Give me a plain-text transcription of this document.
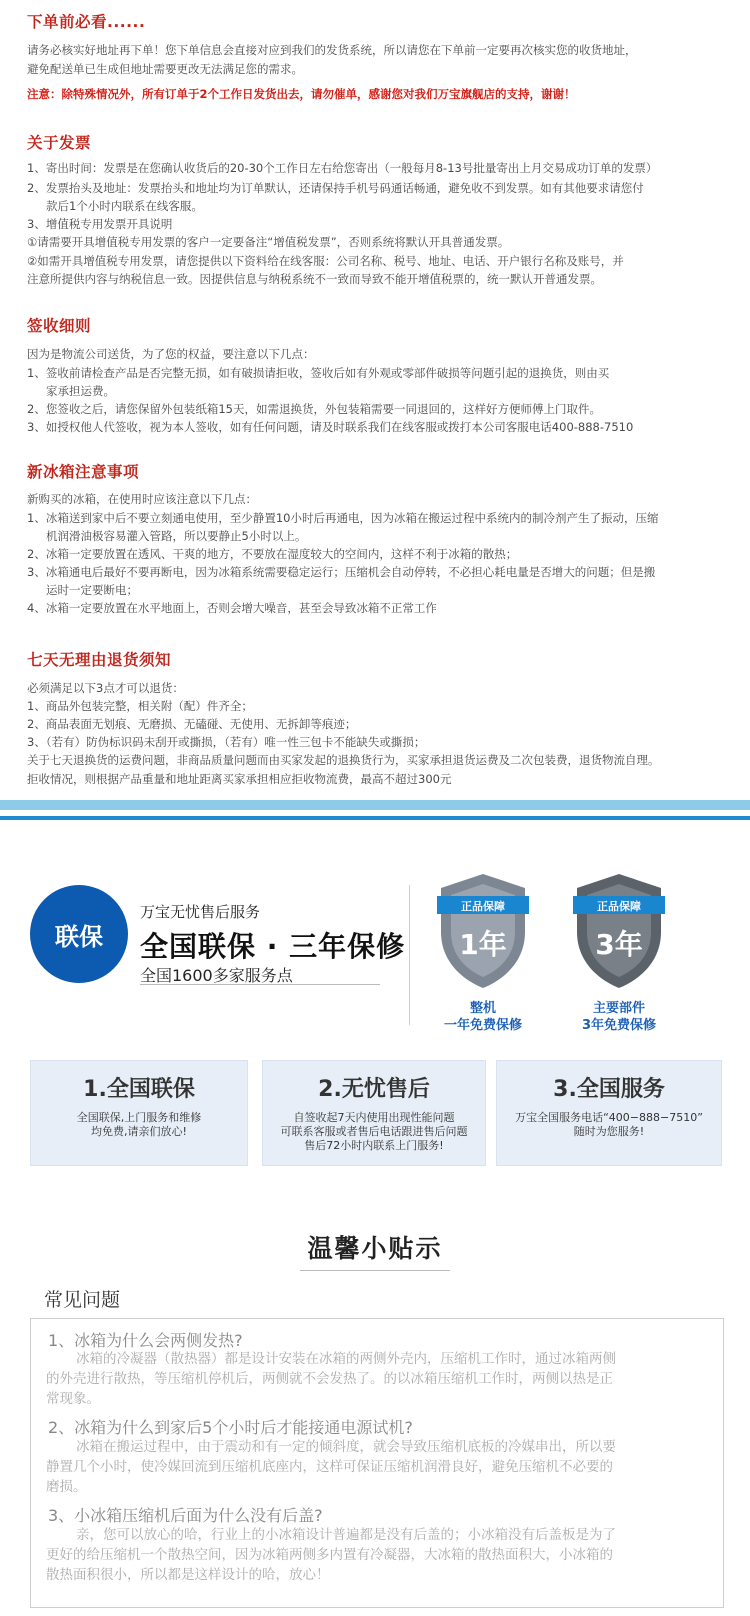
下单前必看......
请务必核实好地址再下单！您下单信息会直接对应到我们的发货系统，所以请您在下单前一定要再次核实您的收货地址，
避免配送单已生成但地址需要更改无法满足您的需求。
注意：除特殊情况外，所有订单于2个工作日发货出去，请勿催单，感谢您对我们万宝旗舰店的支持，谢谢！
关于发票
1、寄出时间：发票是在您确认收货后的20-30个工作日左右给您寄出（一般每月8-13号批量寄出上月交易成功订单的发票）
2、发票抬头及地址：发票抬头和地址均为订单默认，还请保持手机号码通话畅通，避免收不到发票。如有其他要求请您付
款后1个小时内联系在线客服。
3、增值税专用发票开具说明
①请需要开具增值税专用发票的客户一定要备注“增值税发票”，否则系统将默认开具普通发票。
②如需开具增值税专用发票，请您提供以下资料给在线客服：公司名称、税号、地址、电话、开户银行名称及账号，并
注意所提供内容与纳税信息一致。因提供信息与纳税系统不一致而导致不能开增值税票的，统一默认开普通发票。
签收细则
因为是物流公司送货，为了您的权益，要注意以下几点：
1、签收前请检查产品是否完整无损，如有破损请拒收，签收后如有外观或零部件破损等问题引起的退换货，则由买
家承担运费。
2、您签收之后，请您保留外包装纸箱15天，如需退换货，外包装箱需要一同退回的，这样好方便师傅上门取件。
3、如授权他人代签收，视为本人签收，如有任何问题，请及时联系我们在线客服或拨打本公司客服电话400-888-7510
新冰箱注意事项
新购买的冰箱，在使用时应该注意以下几点：
1、冰箱送到家中后不要立刻通电使用，至少静置10小时后再通电，因为冰箱在搬运过程中系统内的制冷剂产生了振动，压缩
机润滑油极容易灌入管路，所以要静止5小时以上。
2、冰箱一定要放置在透风、干爽的地方，不要放在湿度较大的空间内，这样不利于冰箱的散热；
3、冰箱通电后最好不要再断电，因为冰箱系统需要稳定运行；压缩机会自动停转，不必担心耗电量是否增大的问题；但是搬
运时一定要断电；
4、冰箱一定要放置在水平地面上，否则会增大噪音，甚至会导致冰箱不正常工作
七天无理由退货须知
必须满足以下3点才可以退货：
1、商品外包装完整，相关附（配）件齐全；
2、商品表面无划痕、无磨损、无磕碰、无使用、无拆卸等痕迹；
3、（若有）防伪标识码未刮开或撕损，（若有）唯一性三包卡不能缺失或撕损；
关于七天退换货的运费问题，非商品质量问题而由买家发起的退换货行为，买家承担退货运费及二次包装费，退货物流自理。
拒收情况，则根据产品重量和地址距离买家承担相应拒收物流费，最高不超过300元
联保
万宝无忧售后服务
全国联保 · 三年保修
全国1600多家服务点
正品保障
1年
整机
一年免费保修
正品保障
3年
主要部件
3年免费保修
1.全国联保
全国联保,上门服务和维修
均免费,请亲们放心!
2.无忧售后
自签收起7天内使用出现性能问题
可联系客服或者售后电话跟进售后问题
售后72小时内联系上门服务!
3.全国服务
万宝全国服务电话“400−888−7510”
随时为您服务!
温馨小贴示
常见问题
1、冰箱为什么会两侧发热?
冰箱的冷凝器（散热器）都是设计安装在冰箱的两侧外壳内，压缩机工作时，通过冰箱两侧
的外壳进行散热，等压缩机停机后，两侧就不会发热了。的以冰箱压缩机工作时，两侧以热是正
常现象。
2、冰箱为什么到家后5个小时后才能接通电源试机?
冰箱在搬运过程中，由于震动和有一定的倾斜度，就会导致压缩机底板的冷媒串出，所以要
静置几个小时，使冷媒回流到压缩机底座内，这样可保证压缩机润滑良好，避免压缩机不必要的
磨损。
3、小冰箱压缩机后面为什么没有后盖?
亲，您可以放心的哈，行业上的小冰箱设计普遍都是没有后盖的；小冰箱没有后盖板是为了
更好的给压缩机一个散热空间，因为冰箱两侧多内置有冷凝器，大冰箱的散热面积大，小冰箱的
散热面积很小，所以都是这样设计的哈，放心！
